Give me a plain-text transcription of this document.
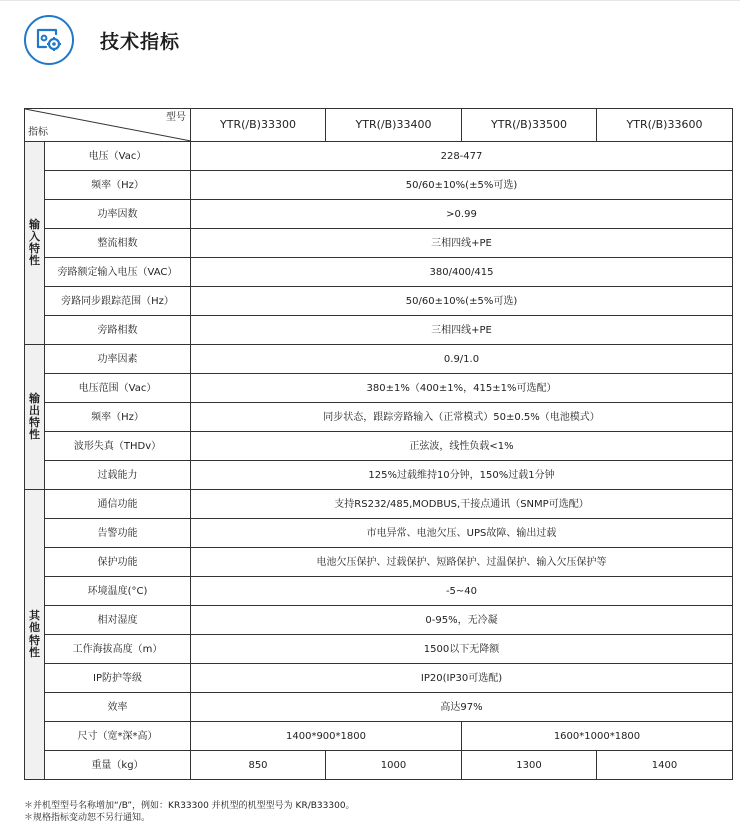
技术指标
型号
指标		YTR(/B)33300	YTR(/B)33400	YTR(/B)33500	YTR(/B)33600
输入特性	电压（Vac）	228-477			
	频率（Hz）	50/60±10%(±5%可选)			
	功率因数	>0.99			
	整流相数	三相四线+PE			
	旁路额定输入电压（VAC）	380/400/415			
	旁路同步跟踪范围（Hz）	50/60±10%(±5%可选)			
	旁路相数	三相四线+PE			
输出特性	功率因素	0.9/1.0			
	电压范围（Vac）	380±1%（400±1%，415±1%可选配）			
	频率（Hz）	同步状态，跟踪旁路输入（正常模式）50±0.5%（电池模式）			
	波形失真（THDv）	正弦波，线性负载<1%			
	过载能力	125%过载维持10分钟，150%过载1分钟			
其他特性	通信功能	支持RS232/485,MODBUS,干接点通讯（SNMP可选配）			
	告警功能	市电异常、电池欠压、UPS故障、输出过载			
	保护功能	电池欠压保护、过载保护、短路保护、过温保护、输入欠压保护等			
	环境温度(°C)	-5~40			
	相对湿度	0-95%，无冷凝			
	工作海拔高度（m）	1500以下无降额			
	IP防护等级	IP20(IP30可选配)			
	效率	高达97%			
	尺寸（宽*深*高）	1400*900*1800		1600*1000*1800	
	重量（kg）	850	1000	1300	1400
＊并机型型号名称增加“/B”，例如：KR33300 并机型的机型型号为 KR/B33300。
＊规格指标变动恕不另行通知。
